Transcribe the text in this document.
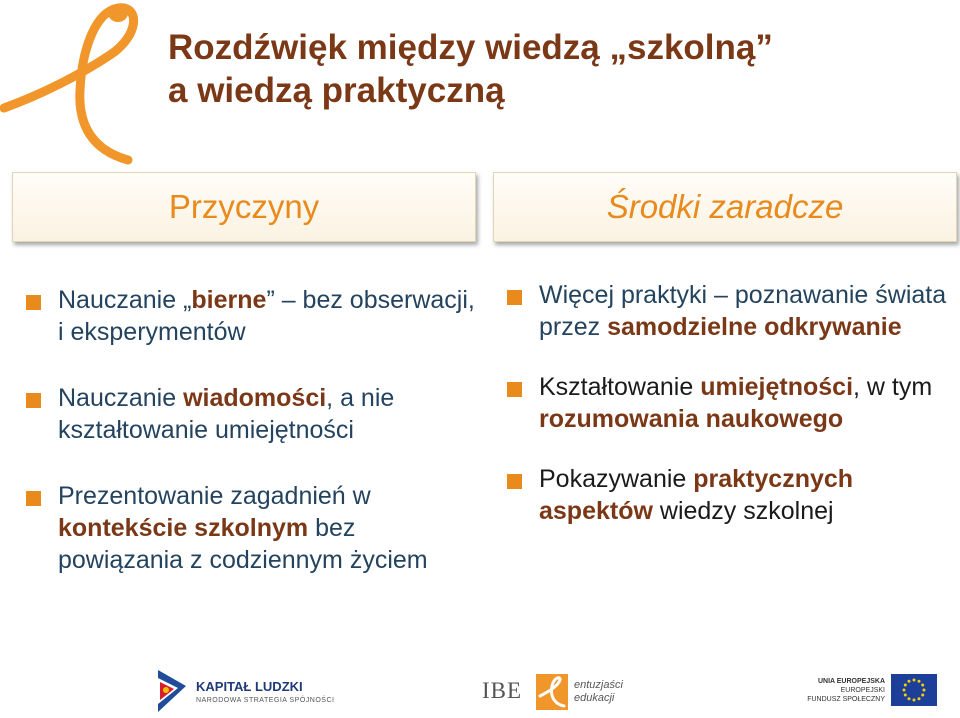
Rozdźwięk między wiedzą „szkolną”
a wiedzą praktyczną
Przyczyny	Środki zaradcze
Nauczanie „bierne” – bez obserwacji, i eksperymentów
Nauczanie wiadomości, a nie kształtowanie umiejętności
Prezentowanie zagadnień w kontekście szkolnym bez powiązania z codziennym życiem
Więcej praktyki – poznawanie świata przez samodzielne odkrywanie
Kształtowanie umiejętności, w tym rozumowania naukowego
Pokazywanie praktycznych aspektów wiedzy szkolnej
KAPITAŁ LUDZKI
NARODOWA STRATEGIA SPÓJNOŚCI	IBE	entuzjaści
edukacji
UNIA EUROPEJSKA
EUROPEJSKI
FUNDUSZ SPOŁECZNY
